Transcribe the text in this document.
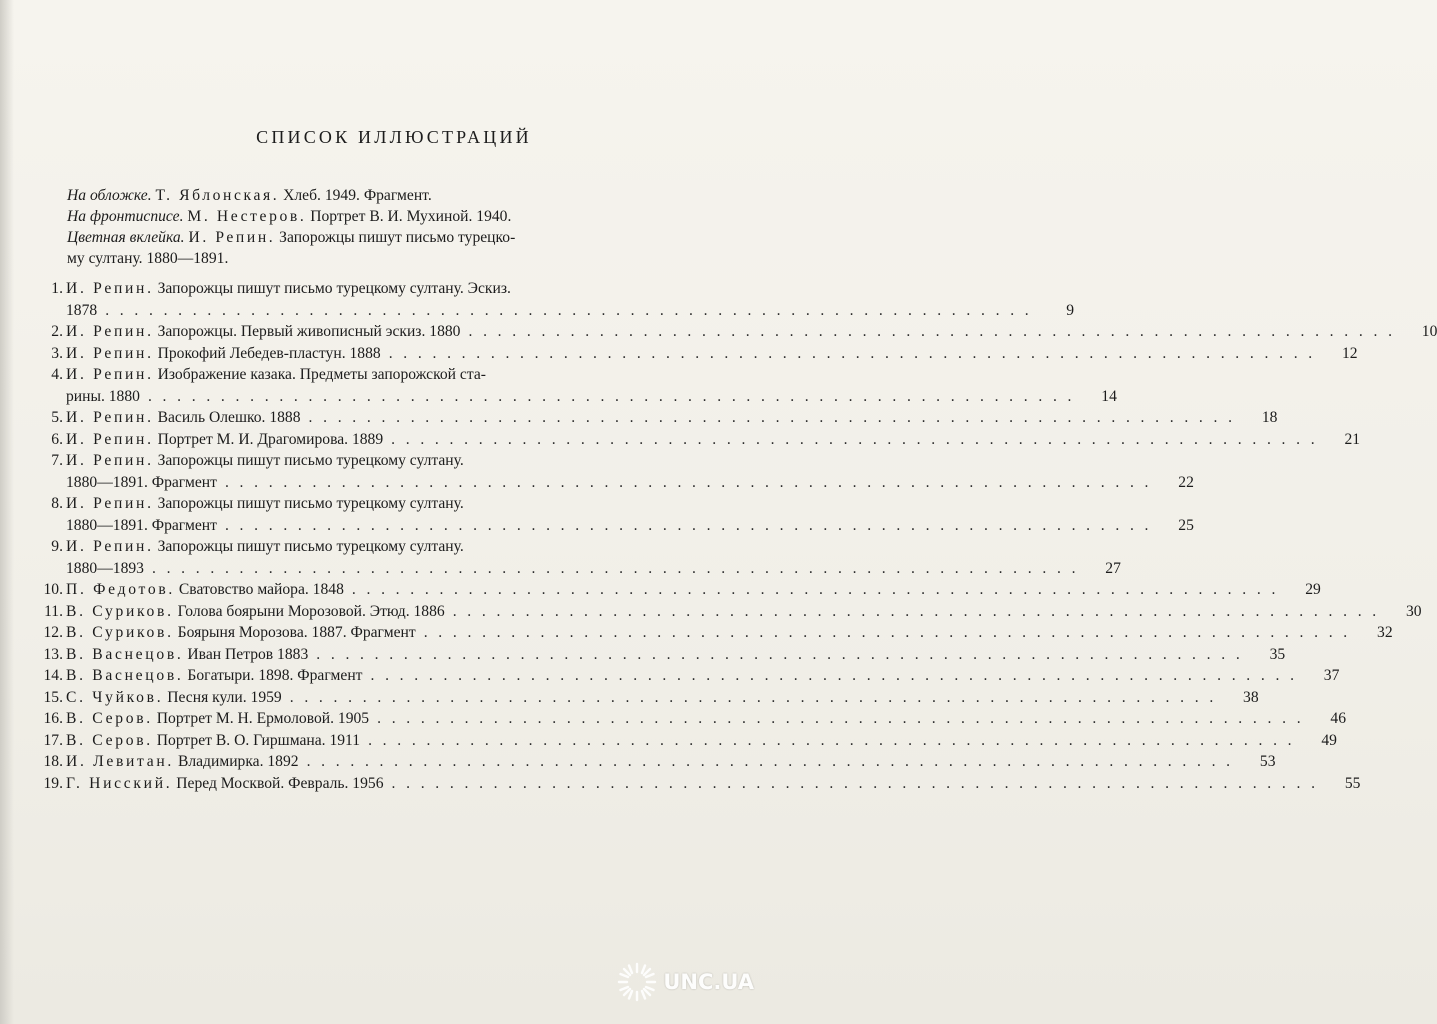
СПИСОК ИЛЛЮСТРАЦИЙ

На обложке. Т. Яблонская. Хлеб. 1949. Фрагмент.

На фронтисписе. М. Нестеров. Портрет В. И. Мухиной. 1940.

Цветная вклейка. И. Репин. Запорожцы пишут письмо турецко-
му султану. 1880—1891.

1. И. Репин. Запорожцы пишут письмо турецкому султану. Эскиз.
1878 . . . . . . . . . . . . . . . . . . . . . . . . . . . . . . . . . . . . . . . . . . . . . . . . . . . . . . . . . . . . . . . .	9
2. И. Репин. Запорожцы. Первый живописный эскиз. 1880 . . . . . . . . . . . . . . . . . . . . . . . . . . . . . . . . . . . . . . . . . . . . . . . . . . . . . . . . . . . . . . . .	10
3. И. Репин. Прокофий Лебедев-пластун. 1888 . . . . . . . . . . . . . . . . . . . . . . . . . . . . . . . . . . . . . . . . . . . . . . . . . . . . . . . . . . . . . . . .	12
4. И. Репин. Изображение казака. Предметы запорожской ста-
рины. 1880 . . . . . . . . . . . . . . . . . . . . . . . . . . . . . . . . . . . . . . . . . . . . . . . . . . . . . . . . . . . . . . . .	14
5. И. Репин. Василь Олешко. 1888 . . . . . . . . . . . . . . . . . . . . . . . . . . . . . . . . . . . . . . . . . . . . . . . . . . . . . . . . . . . . . . . .	18
6. И. Репин. Портрет М. И. Драгомирова. 1889 . . . . . . . . . . . . . . . . . . . . . . . . . . . . . . . . . . . . . . . . . . . . . . . . . . . . . . . . . . . . . . . .	21
7. И. Репин. Запорожцы пишут письмо турецкому султану.
1880—1891. Фрагмент . . . . . . . . . . . . . . . . . . . . . . . . . . . . . . . . . . . . . . . . . . . . . . . . . . . . . . . . . . . . . . . .	22
8. И. Репин. Запорожцы пишут письмо турецкому султану.
1880—1891. Фрагмент . . . . . . . . . . . . . . . . . . . . . . . . . . . . . . . . . . . . . . . . . . . . . . . . . . . . . . . . . . . . . . . .	25
9. И. Репин. Запорожцы пишут письмо турецкому султану.
1880—1893 . . . . . . . . . . . . . . . . . . . . . . . . . . . . . . . . . . . . . . . . . . . . . . . . . . . . . . . . . . . . . . . .	27
10. П. Федотов. Сватовство майора. 1848 . . . . . . . . . . . . . . . . . . . . . . . . . . . . . . . . . . . . . . . . . . . . . . . . . . . . . . . . . . . . . . . .	29
11. В. Суриков. Голова боярыни Морозовой. Этюд. 1886 . . . . . . . . . . . . . . . . . . . . . . . . . . . . . . . . . . . . . . . . . . . . . . . . . . . . . . . . . . . . . . . .	30
12. В. Суриков. Боярыня Морозова. 1887. Фрагмент . . . . . . . . . . . . . . . . . . . . . . . . . . . . . . . . . . . . . . . . . . . . . . . . . . . . . . . . . . . . . . . .	32
13. В. Васнецов. Иван Петров 1883 . . . . . . . . . . . . . . . . . . . . . . . . . . . . . . . . . . . . . . . . . . . . . . . . . . . . . . . . . . . . . . . .	35
14. В. Васнецов. Богатыри. 1898. Фрагмент . . . . . . . . . . . . . . . . . . . . . . . . . . . . . . . . . . . . . . . . . . . . . . . . . . . . . . . . . . . . . . . .	37
15. С. Чуйков. Песня кули. 1959 . . . . . . . . . . . . . . . . . . . . . . . . . . . . . . . . . . . . . . . . . . . . . . . . . . . . . . . . . . . . . . . .	38
16. В. Серов. Портрет М. Н. Ермоловой. 1905 . . . . . . . . . . . . . . . . . . . . . . . . . . . . . . . . . . . . . . . . . . . . . . . . . . . . . . . . . . . . . . . .	46
17. В. Серов. Портрет В. О. Гиршмана. 1911 . . . . . . . . . . . . . . . . . . . . . . . . . . . . . . . . . . . . . . . . . . . . . . . . . . . . . . . . . . . . . . . .	49
18. И. Левитан. Владимирка. 1892 . . . . . . . . . . . . . . . . . . . . . . . . . . . . . . . . . . . . . . . . . . . . . . . . . . . . . . . . . . . . . . . .	53
19. Г. Нисский. Перед Москвой. Февраль. 1956 . . . . . . . . . . . . . . . . . . . . . . . . . . . . . . . . . . . . . . . . . . . . . . . . . . . . . . . . . . . . . . . .	55
UNC.UA
